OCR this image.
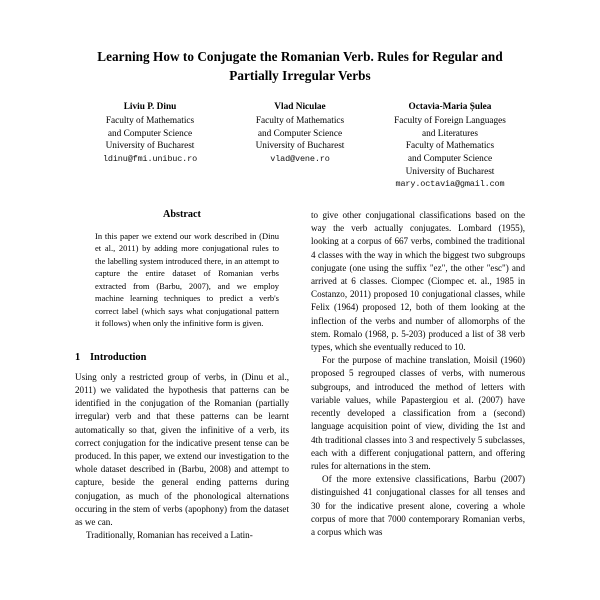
Learning How to Conjugate the Romanian Verb. Rules for Regular and Partially Irregular Verbs
Liviu P. Dinu
Faculty of Mathematics
and Computer Science
University of Bucharest
ldinu@fmi.unibuc.ro
Vlad Niculae
Faculty of Mathematics
and Computer Science
University of Bucharest
vlad@vene.ro
Octavia-Maria Șulea
Faculty of Foreign Languages
and Literatures
Faculty of Mathematics
and Computer Science
University of Bucharest
mary.octavia@gmail.com
Abstract
In this paper we extend our work described in (Dinu et al., 2011) by adding more conjugational rules to the labelling system introduced there, in an attempt to capture the entire dataset of Romanian verbs extracted from (Barbu, 2007), and we employ machine learning techniques to predict a verb's correct label (which says what conjugational pattern it follows) when only the infinitive form is given.
1 Introduction

Using only a restricted group of verbs, in (Dinu et al., 2011) we validated the hypothesis that patterns can be identified in the conjugation of the Romanian (partially irregular) verb and that these patterns can be learnt automatically so that, given the infinitive of a verb, its correct conjugation for the indicative present tense can be produced. In this paper, we extend our investigation to the whole dataset described in (Barbu, 2008) and attempt to capture, beside the general ending patterns during conjugation, as much of the phonological alternations occuring in the stem of verbs (apophony) from the dataset as we can.

Traditionally, Romanian has received a Latin-

to give other conjugational classifications based on the way the verb actually conjugates. Lombard (1955), looking at a corpus of 667 verbs, combined the traditional 4 classes with the way in which the biggest two subgroups conjugate (one using the suffix "ez", the other "esc") and arrived at 6 classes. Ciompec (Ciompec et. al., 1985 in Costanzo, 2011) proposed 10 conjugational classes, while Felix (1964) proposed 12, both of them looking at the inflection of the verbs and number of allomorphs of the stem. Romalo (1968, p. 5-203) produced a list of 38 verb types, which she eventually reduced to 10.

For the purpose of machine translation, Moisil (1960) proposed 5 regrouped classes of verbs, with numerous subgroups, and introduced the method of letters with variable values, while Papastergiou et al. (2007) have recently developed a classification from a (second) language acquisition point of view, dividing the 1st and 4th traditional classes into 3 and respectively 5 subclasses, each with a different conjugational pattern, and offering rules for alternations in the stem.

Of the more extensive classifications, Barbu (2007) distinguished 41 conjugational classes for all tenses and 30 for the indicative present alone, covering a whole corpus of more that 7000 contemporary Romanian verbs, a corpus which was
